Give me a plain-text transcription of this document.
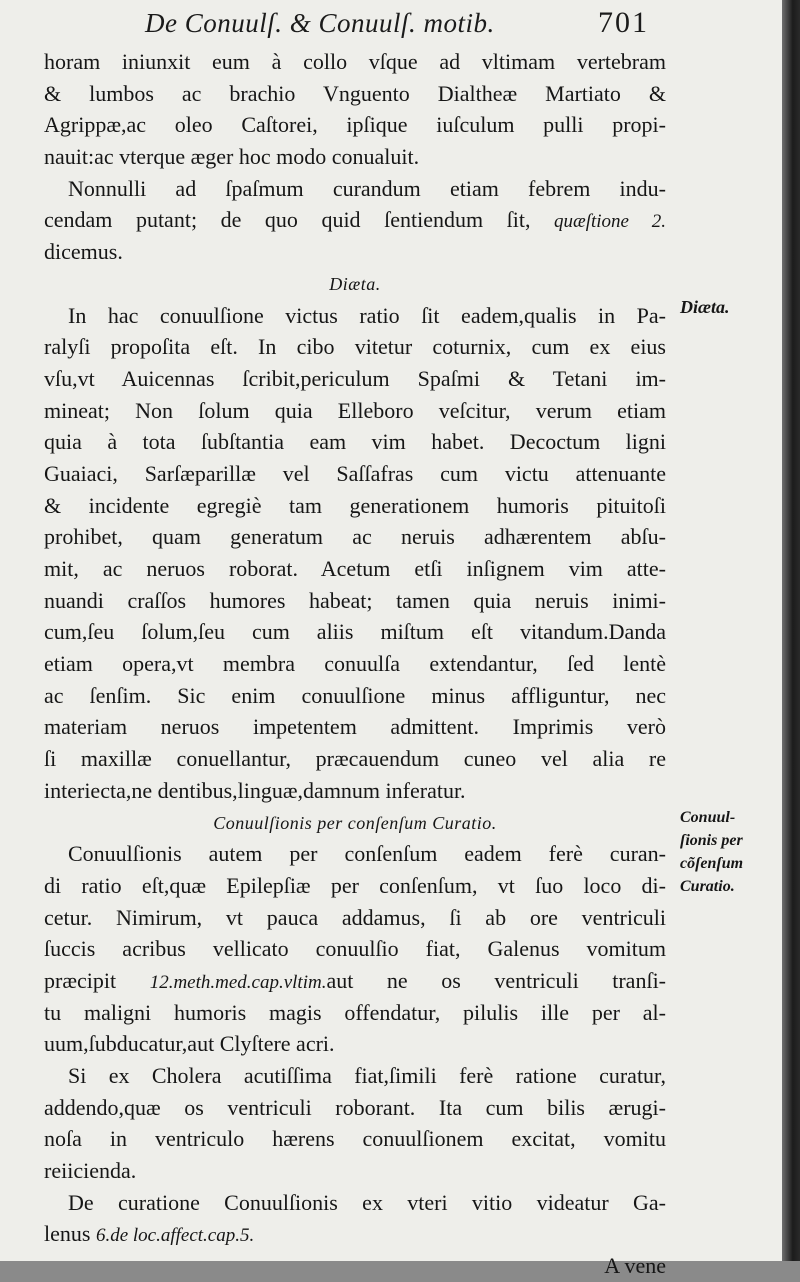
De Conuulſ. & Conuulſ. motib.	701
horam iniunxit eum à collo vſque ad vltimam vertebram
& lumbos ac brachio Vnguento Dialtheæ Martiato &
Agrippæ,ac oleo Caſtorei, ipſique iuſculum pulli propi-
nauit:ac vterque æger hoc modo conualuit.
Nonnulli ad ſpaſmum curandum etiam febrem indu-
cendam putant; de quo quid ſentiendum ſit, quæſtione 2.
dicemus.
Diæta.
In hac conuulſione victus ratio ſit eadem,qualis in Pa-
ralyſi propoſita eſt. In cibo vitetur coturnix, cum ex eius
vſu,vt Auicennas ſcribit,periculum Spaſmi & Tetani im-
mineat; Non ſolum quia Elleboro veſcitur, verum etiam
quia à tota ſubſtantia eam vim habet. Decoctum ligni
Guaiaci, Sarſæparillæ vel Saſſafras cum victu attenuante
& incidente egregiè tam generationem humoris pituitoſi
prohibet, quam generatum ac neruis adhærentem abſu-
mit, ac neruos roborat. Acetum etſi inſignem vim atte-
nuandi craſſos humores habeat; tamen quia neruis inimi-
cum,ſeu ſolum,ſeu cum aliis miſtum eſt vitandum.Danda
etiam opera,vt membra conuulſa extendantur, ſed lentè
ac ſenſim. Sic enim conuulſione minus affliguntur, nec
materiam neruos impetentem admittent. Imprimis verò
ſi maxillæ conuellantur, præcauendum cuneo vel alia re
interiecta,ne dentibus,linguæ,damnum inferatur.
Conuulſionis per conſenſum Curatio.
Conuulſionis autem per conſenſum eadem ferè curan-
di ratio eſt,quæ Epilepſiæ per conſenſum, vt ſuo loco di-
cetur. Nimirum, vt pauca addamus, ſi ab ore ventriculi
ſuccis acribus vellicato conuulſio fiat, Galenus vomitum
præcipit 12.meth.med.cap.vltim.aut ne os ventriculi tranſi-
tu maligni humoris magis offendatur, pilulis ille per al-
uum,ſubducatur,aut Clyſtere acri.
Si ex Cholera acutiſſima fiat,ſimili ferè ratione curatur,
addendo,quæ os ventriculi roborant. Ita cum bilis ærugi-
noſa in ventriculo hærens conuulſionem excitat, vomitu
reiicienda.
De curatione Conuulſionis ex vteri vitio videatur Ga-
lenus 6.de loc.affect.cap.5.
A vene
Diæta.
Conuul-
ſionis per
cõſenſum
Curatio.
